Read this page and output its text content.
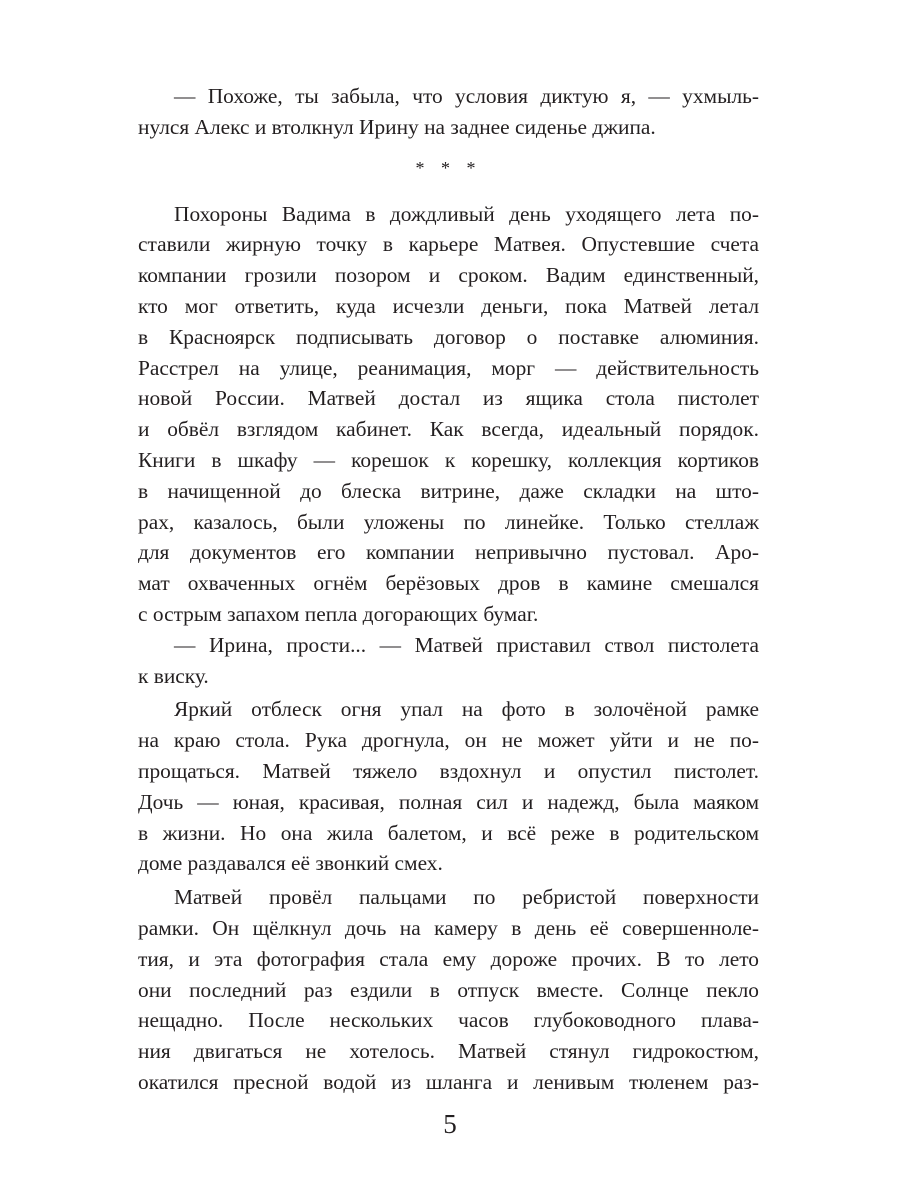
— Похоже, ты забыла, что условия диктую я, — ухмыль-
нулся Алекс и втолкнул Ирину на заднее сиденье джипа.
* * *
Похороны Вадима в дождливый день уходящего лета по-
ставили жирную точку в карьере Матвея. Опустевшие счета
компании грозили позором и сроком. Вадим единственный,
кто мог ответить, куда исчезли деньги, пока Матвей летал
в Красноярск подписывать договор о поставке алюминия.
Расстрел на улице, реанимация, морг — действительность
новой России. Матвей достал из ящика стола пистолет
и обвёл взглядом кабинет. Как всегда, идеальный порядок.
Книги в шкафу — корешок к корешку, коллекция кортиков
в начищенной до блеска витрине, даже складки на што-
рах, казалось, были уложены по линейке. Только стеллаж
для документов его компании непривычно пустовал. Аро-
мат охваченных огнём берёзовых дров в камине смешался
с острым запахом пепла догорающих бумаг.
— Ирина, прости... — Матвей приставил ствол пистолета
к виску.
Яркий отблеск огня упал на фото в золочёной рамке
на краю стола. Рука дрогнула, он не может уйти и не по-
прощаться. Матвей тяжело вздохнул и опустил пистолет.
Дочь — юная, красивая, полная сил и надежд, была маяком
в жизни. Но она жила балетом, и всё реже в родительском
доме раздавался её звонкий смех.
Матвей провёл пальцами по ребристой поверхности
рамки. Он щёлкнул дочь на камеру в день её совершенноле-
тия, и эта фотография стала ему дороже прочих. В то лето
они последний раз ездили в отпуск вместе. Солнце пекло
нещадно. После нескольких часов глубоководного плава-
ния двигаться не хотелось. Матвей стянул гидрокостюм,
окатился пресной водой из шланга и ленивым тюленем раз-
5
